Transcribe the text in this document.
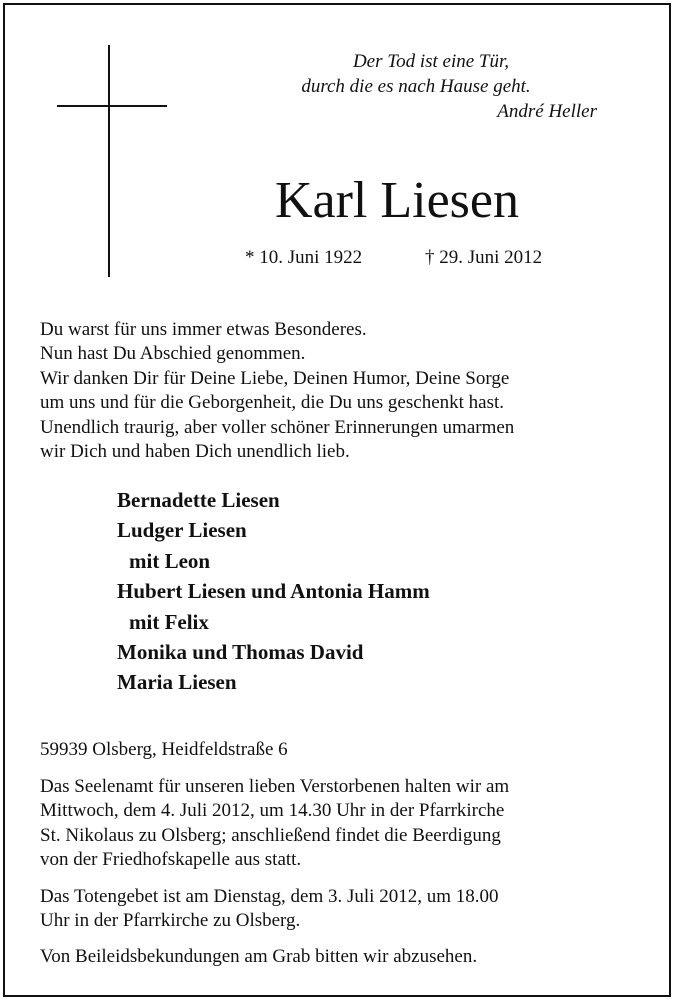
Der Tod ist eine Tür,
durch die es nach Hause geht.
André Heller
Karl Liesen
* 10. Juni 1922	† 29. Juni 2012
Du warst für uns immer etwas Besonderes.
Nun hast Du Abschied genommen.
Wir danken Dir für Deine Liebe, Deinen Humor, Deine Sorge
um uns und für die Geborgenheit, die Du uns geschenkt hast.
Unendlich traurig, aber voller schöner Erinnerungen umarmen
wir Dich und haben Dich unendlich lieb.
Bernadette Liesen
Ludger Liesen
mit Leon
Hubert Liesen und Antonia Hamm
mit Felix
Monika und Thomas David
Maria Liesen
59939 Olsberg, Heidfeldstraße 6
Das Seelenamt für unseren lieben Verstorbenen halten wir am
Mittwoch, dem 4. Juli 2012, um 14.30 Uhr in der Pfarrkirche
St. Nikolaus zu Olsberg; anschließend findet die Beerdigung
von der Friedhofskapelle aus statt.
Das Totengebet ist am Dienstag, dem 3. Juli 2012, um 18.00
Uhr in der Pfarrkirche zu Olsberg.
Von Beileidsbekundungen am Grab bitten wir abzusehen.
